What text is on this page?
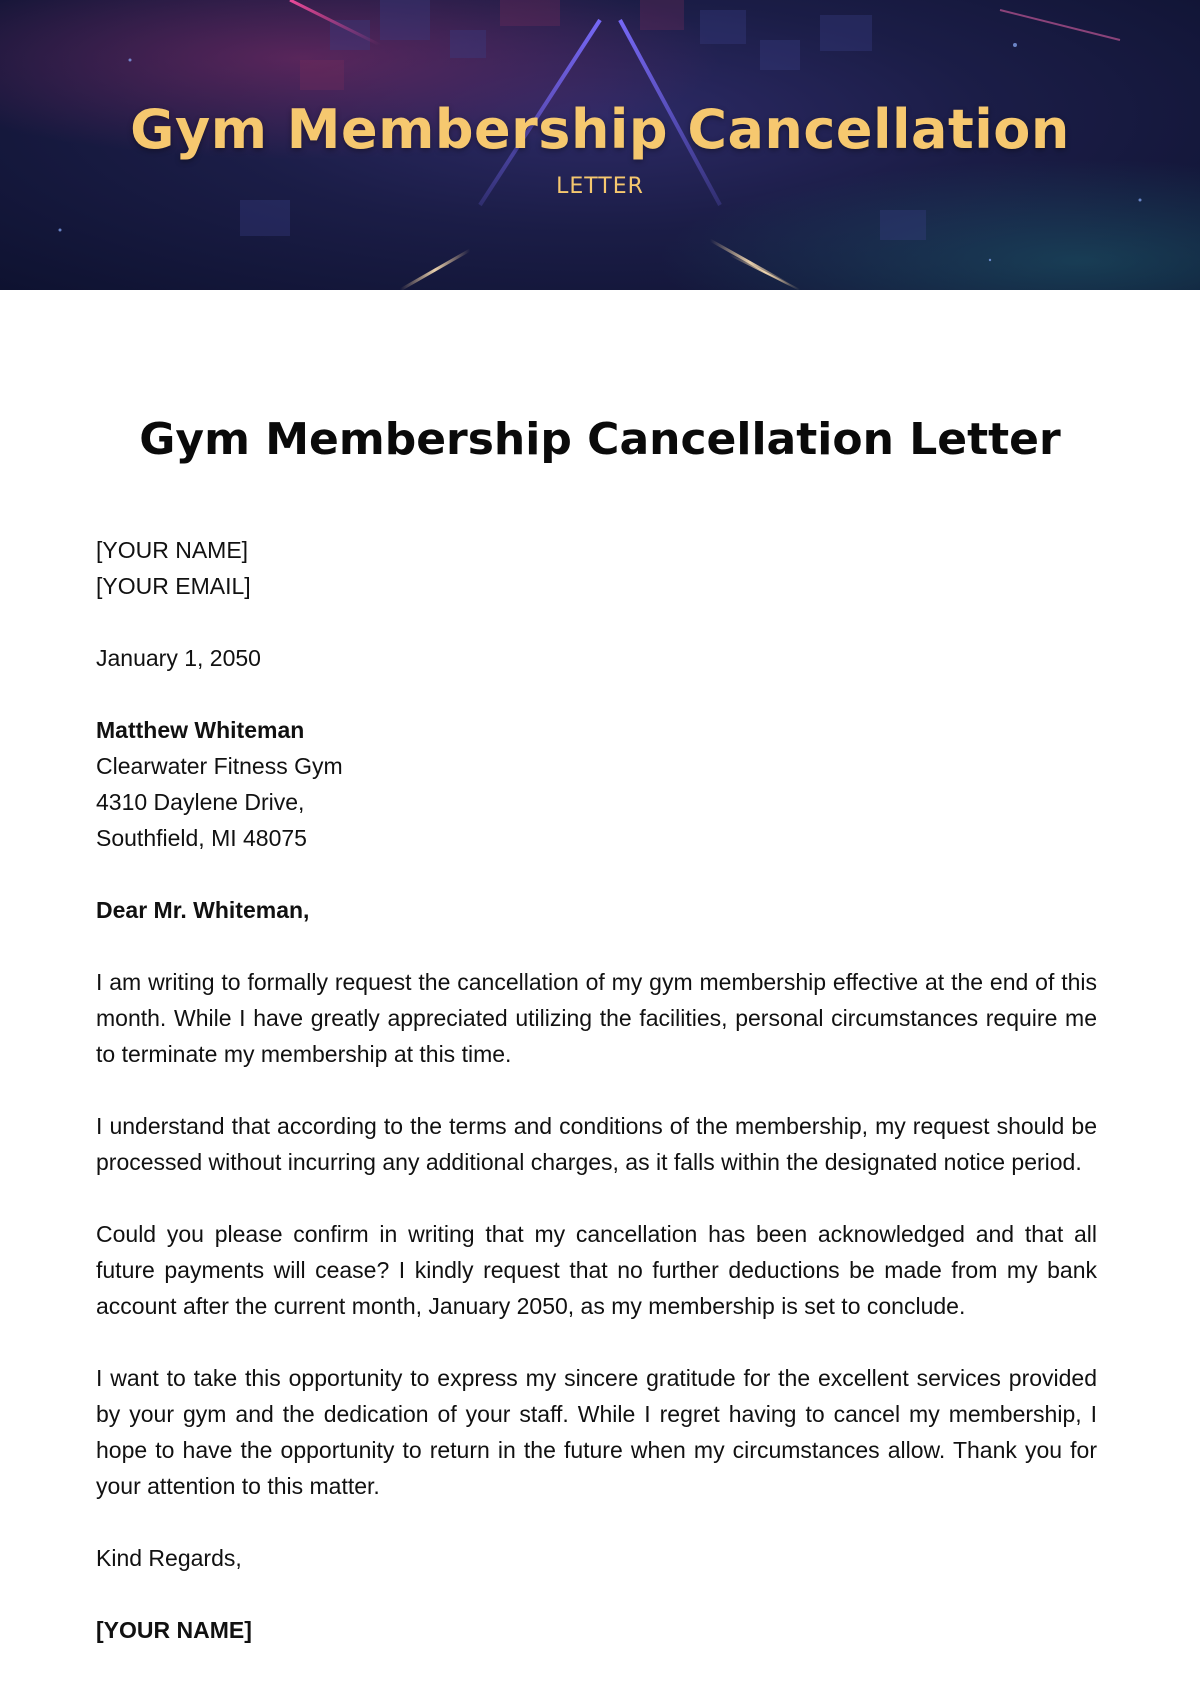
Gym Membership Cancellation
LETTER
Gym Membership Cancellation Letter
[YOUR NAME]
[YOUR EMAIL]
January 1, 2050
Matthew Whiteman
Clearwater Fitness Gym
4310 Daylene Drive,
Southfield, MI 48075
Dear Mr. Whiteman,

I am writing to formally request the cancellation of my gym membership effective at the end of this month. While I have greatly appreciated utilizing the facilities, personal circumstances require me to terminate my membership at this time.

I understand that according to the terms and conditions of the membership, my request should be processed without incurring any additional charges, as it falls within the designated notice period.

Could you please confirm in writing that my cancellation has been acknowledged and that all future payments will cease? I kindly request that no further deductions be made from my bank account after the current month, January 2050, as my membership is set to conclude.

I want to take this opportunity to express my sincere gratitude for the excellent services provided by your gym and the dedication of your staff. While I regret having to cancel my membership, I hope to have the opportunity to return in the future when my circumstances allow. Thank you for your attention to this matter.

Kind Regards,
[YOUR NAME]
